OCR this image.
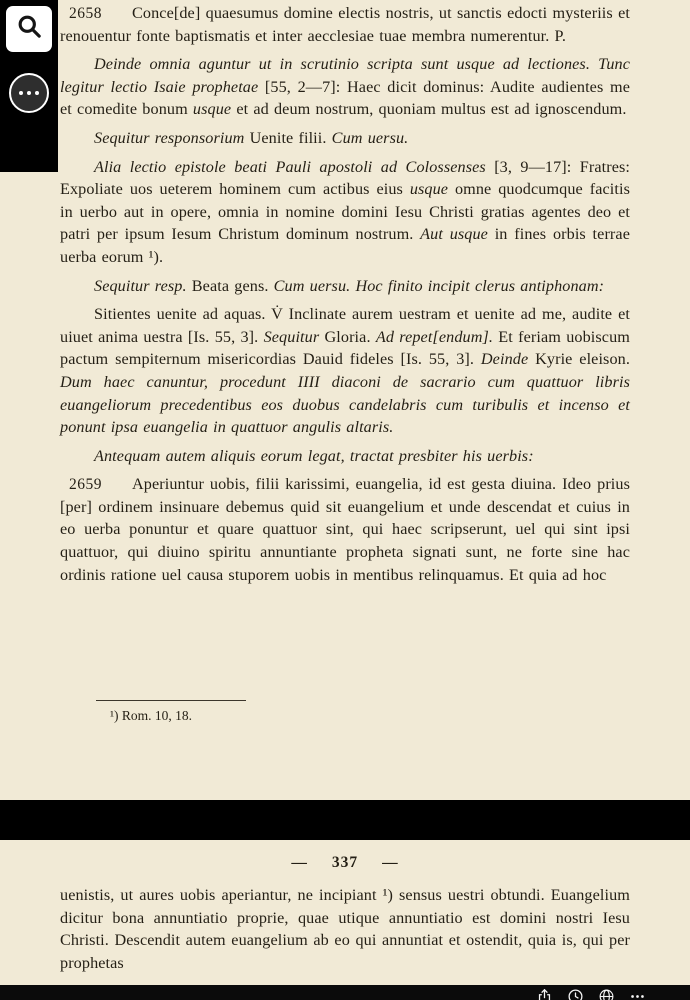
2658 Conce[de] quaesumus domine electis nostris, ut sanctis edocti mysteriis et renouentur fonte baptismatis et inter aecclesiae tuae membra numerentur. P.

Deinde omnia aguntur ut in scrutinio scripta sunt usque ad lectiones. Tunc legitur lectio Isaie prophetae [55, 2—7]: Haec dicit dominus: Audite audientes me et comedite bonum usque et ad deum nostrum, quoniam multus est ad ignoscendum.

Sequitur responsorium Uenite filii. Cum uersu.

Alia lectio epistole beati Pauli apostoli ad Colossenses [3, 9—17]: Fratres: Expoliate uos ueterem hominem cum actibus eius usque omne quodcumque facitis in uerbo aut in opere, omnia in nomine domini Iesu Christi gratias agentes deo et patri per ipsum Iesum Christum dominum nostrum. Aut usque in fines orbis terrae uerba eorum ¹).

Sequitur resp. Beata gens. Cum uersu. Hoc finito incipit clerus antiphonam:

Sitientes uenite ad aquas. V̇ Inclinate aurem uestram et uenite ad me, audite et uiuet anima uestra [Is. 55, 3]. Sequitur Gloria. Ad repet[endum]. Et feriam uobiscum pactum sempiternum misericordias Dauid fideles [Is. 55, 3]. Deinde Kyrie eleison. Dum haec canuntur, procedunt IIII diaconi de sacrario cum quattuor libris euangeliorum precedentibus eos duobus candelabris cum turibulis et incenso et ponunt ipsa euangelia in quattuor angulis altaris.

Antequam autem aliquis eorum legat, tractat presbiter his uerbis:

2659 Aperiuntur uobis, filii karissimi, euangelia, id est gesta diuina. Ideo prius [per] ordinem insinuare debemus quid sit euangelium et unde descendat et cuius in eo uerba ponuntur et quare quattuor sint, qui haec scripserunt, uel qui sint ipsi quattuor, qui diuino spiritu annuntiante propheta signati sunt, ne forte sine hac ordinis ratione uel causa stuporem uobis in mentibus relinquamus. Et quia ad hoc

¹) Rom. 10, 18.
— 337 —

uenistis, ut aures uobis aperiantur, ne incipiant ¹) sensus uestri obtundi. Euangelium dicitur bona annuntiatio proprie, quae utique annuntiatio est domini nostri Iesu Christi. Descendit autem euangelium ab eo qui annuntiat et ostendit, quia is, qui per prophetas
